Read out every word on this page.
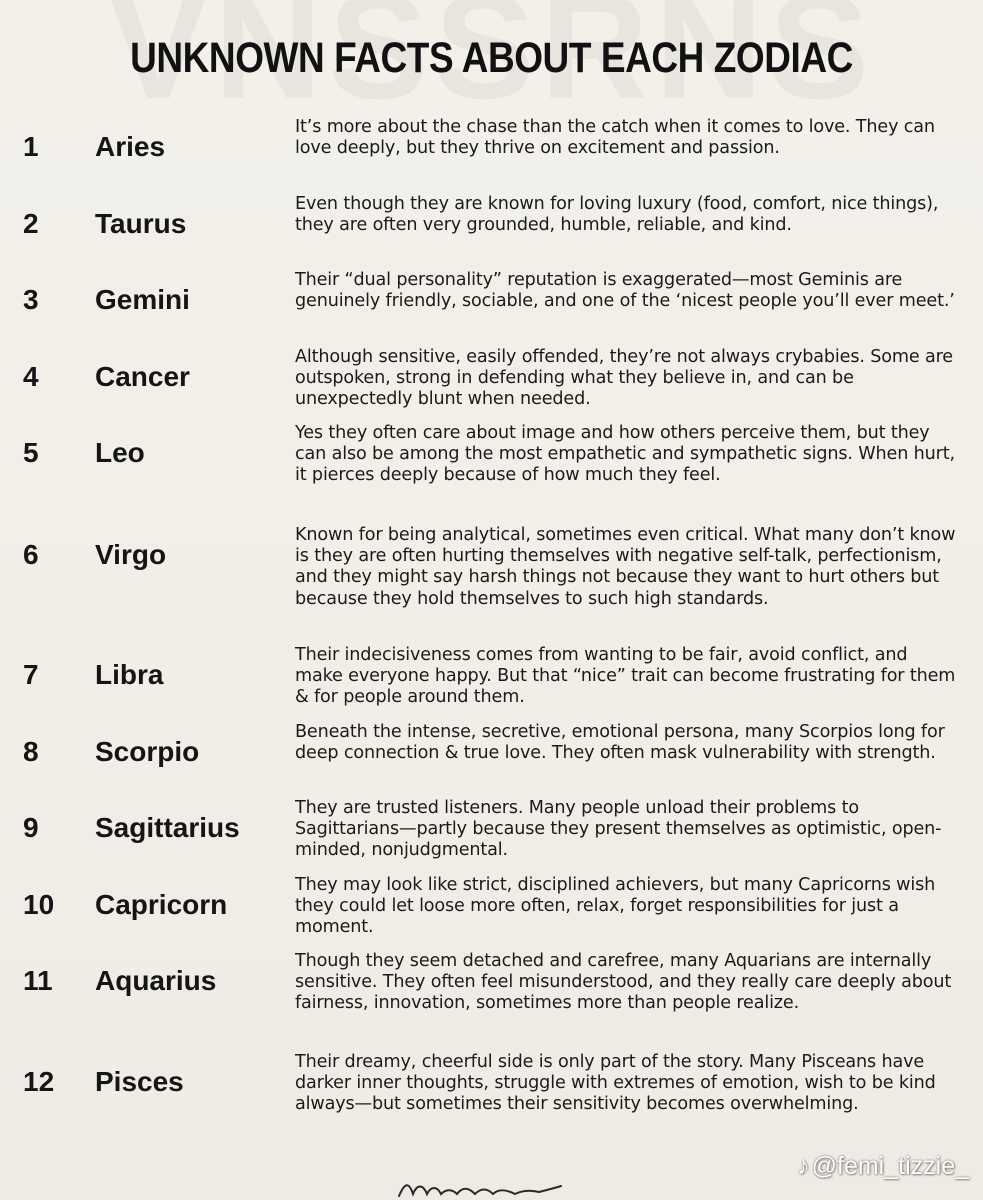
UNKNOWN FACTS ABOUT EACH ZODIAC
1 Aries

It’s more about the chase than the catch when it comes to love. They can love deeply, but they thrive on excitement and passion.

2 Taurus

Even though they are known for loving luxury (food, comfort, nice things), they are often very grounded, humble, reliable, and kind.

3 Gemini

Their “dual personality” reputation is exaggerated—most Geminis are genuinely friendly, sociable, and one of the ‘nicest people you’ll ever meet.’

4 Cancer

Although sensitive, easily offended, they’re not always crybabies. Some are outspoken, strong in defending what they believe in, and can be unexpectedly blunt when needed.

5 Leo

Yes they often care about image and how others perceive them, but they can also be among the most empathetic and sympathetic signs. When hurt, it pierces deeply because of how much they feel.

6 Virgo

Known for being analytical, sometimes even critical. What many don’t know is they are often hurting themselves with negative self-talk, perfectionism, and they might say harsh things not because they want to hurt others but because they hold themselves to such high standards.

7 Libra

Their indecisiveness comes from wanting to be fair, avoid conflict, and make everyone happy. But that “nice” trait can become frustrating for them & for people around them.

8 Scorpio

Beneath the intense, secretive, emotional persona, many Scorpios long for deep connection & true love. They often mask vulnerability with strength.

9 Sagittarius

They are trusted listeners. Many people unload their problems to Sagittarians—partly because they present themselves as optimistic, open-minded, nonjudgmental.

10 Capricorn

They may look like strict, disciplined achievers, but many Capricorns wish they could let loose more often, relax, forget responsibilities for just a moment.

11 Aquarius

Though they seem detached and carefree, many Aquarians are internally sensitive. They often feel misunderstood, and they really care deeply about fairness, innovation, sometimes more than people realize.

12 Pisces

Their dreamy, cheerful side is only part of the story. Many Pisceans have darker inner thoughts, struggle with extremes of emotion, wish to be kind always—but sometimes their sensitivity becomes overwhelming.

♪@femi_tizzie_
